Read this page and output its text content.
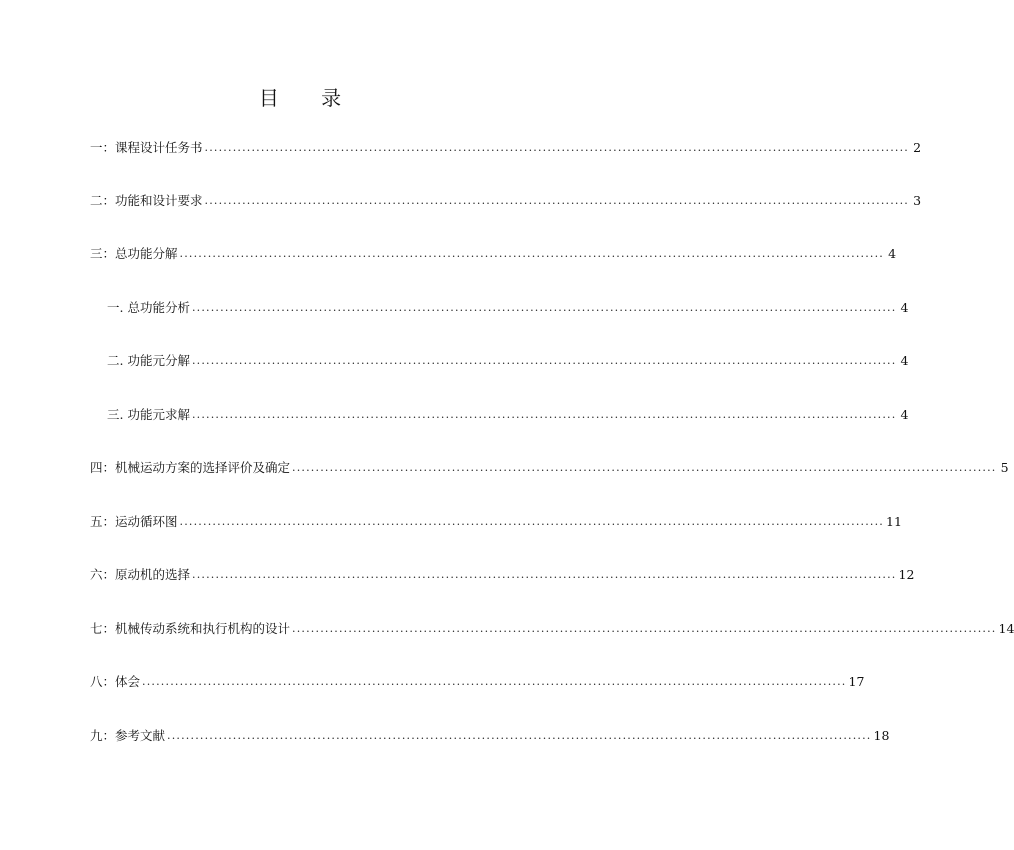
目 录
一：课程设计任务书 ...................................................................................................................................................... 2
二：功能和设计要求 ...................................................................................................................................................... 3
三：总功能分解 ...................................................................................................................................................... 4
一. 总功能分析 ...................................................................................................................................................... 4
二. 功能元分解 ...................................................................................................................................................... 4
三. 功能元求解 ...................................................................................................................................................... 4
四：机械运动方案的选择评价及确定 ...................................................................................................................................................... 5
五：运动循环图 ...................................................................................................................................................... 11
六：原动机的选择 ...................................................................................................................................................... 12
七：机械传动系统和执行机构的设计 ...................................................................................................................................................... 14
八：体会 ...................................................................................................................................................... 17
九：参考文献 ...................................................................................................................................................... 18
